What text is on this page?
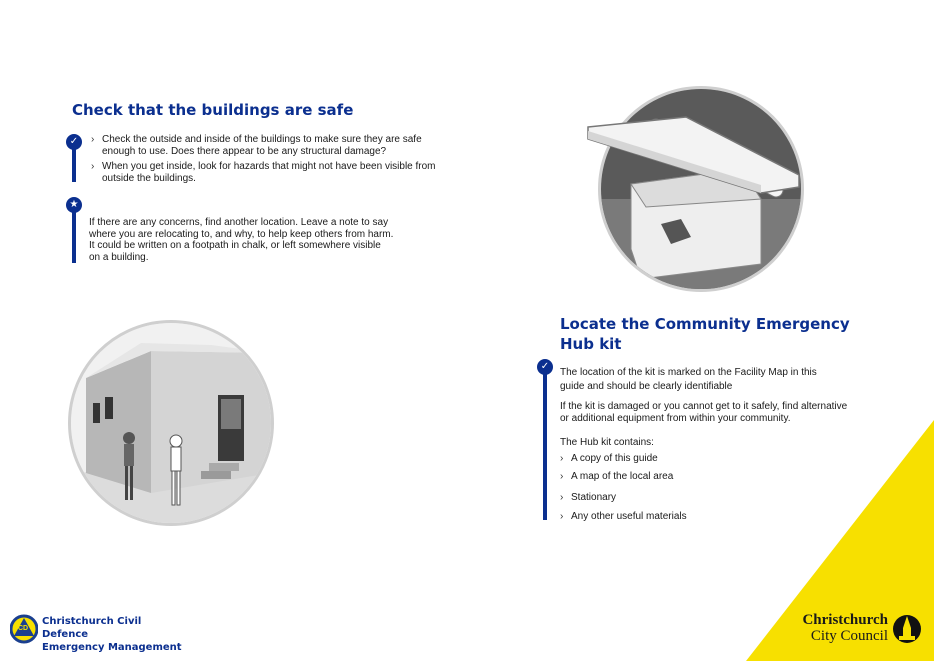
Check that the buildings are safe
✓
›	Check the outside and inside of the buildings to make sure they are safe enough to use. Does there appear to be any structural damage?
› When you get inside, look for hazards that might not have been visible from outside the buildings.
★
If there are any concerns, find another location. Leave a note to say
where you are relocating to, and why, to help keep others from harm.
It could be written on a footpath in chalk, or left somewhere visible
on a building.
Locate the Community Emergency Hub kit
✓
The location of the kit is marked on the Facility Map in this
guide and should be clearly identifiable
If the kit is damaged or you cannot get to it safely, find alternative
or additional equipment from within your community.
The Hub kit contains:
› A copy of this guide
› A map of the local area
› Stationary
› Any other useful materials
Christchurch
City Council
CD
Christchurch Civil Defence
Emergency Management
